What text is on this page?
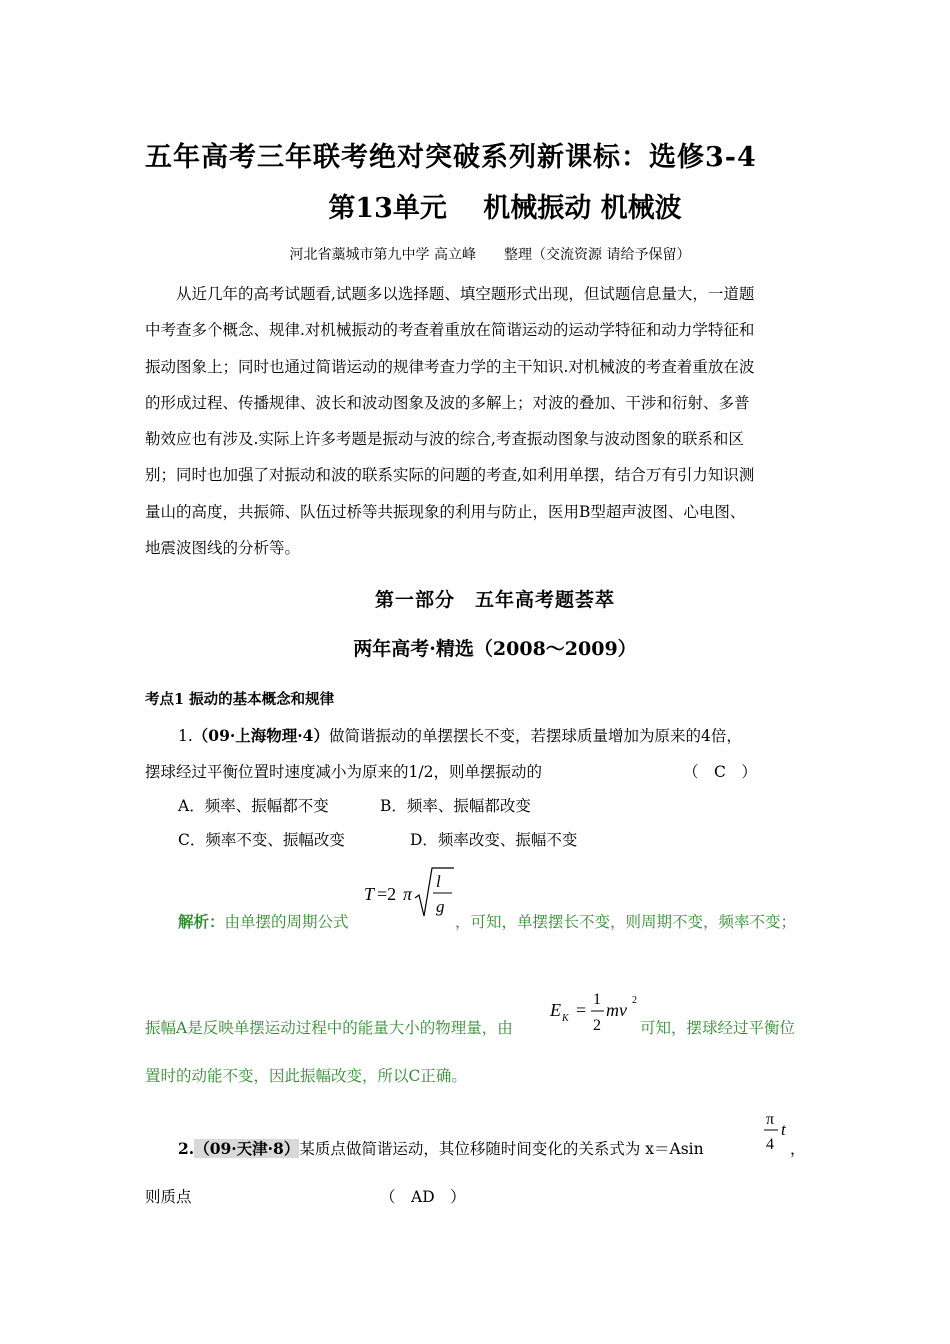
五年高考三年联考绝对突破系列新课标：选修3-4
第13单元　 机械振动 机械波
河北省藁城市第九中学 高立峰　　整理（交流资源 请给予保留）
　　从近几年的高考试题看,试题多以选择题、填空题形式出现，但试题信息量大，一道题
中考查多个概念、规律.对机械振动的考查着重放在简谐运动的运动学特征和动力学特征和
振动图象上；同时也通过简谐运动的规律考查力学的主干知识.对机械波的考查着重放在波
的形成过程、传播规律、波长和波动图象及波的多解上；对波的叠加、干涉和衍射、多普
勒效应也有涉及.实际上许多考题是振动与波的综合,考查振动图象与波动图象的联系和区
别；同时也加强了对振动和波的联系实际的问题的考查,如利用单摆，结合万有引力知识测
量山的高度，共振筛、队伍过桥等共振现象的利用与防止，医用B型超声波图、心电图、
地震波图线的分析等。
第一部分　五年高考题荟萃
两年高考·精选（2008～2009）
考点1 振动的基本概念和规律
1.（09·上海物理·4）做简谐振动的单摆摆长不变，若摆球质量增加为原来的4倍，
摆球经过平衡位置时速度减小为原来的1/2，则单摆振动的	（　C　）
A．频率、振幅都不变	B．频率、振幅都改变
C．频率不变、振幅改变	D．频率改变、振幅不变
解析：由单摆的周期公式
T =2 π
l
g
，可知，单摆摆长不变，则周期不变，频率不变；
振幅A是反映单摆运动过程中的能量大小的物理量，由
E K =
1
2
mv 2
可知，摆球经过平衡位
置时的动能不变，因此振幅改变，所以C正确。
2.（09·天津·8）某质点做简谐运动，其位移随时间变化的关系式为 x＝Asin
π
4
t
，
则质点	（　AD　）
